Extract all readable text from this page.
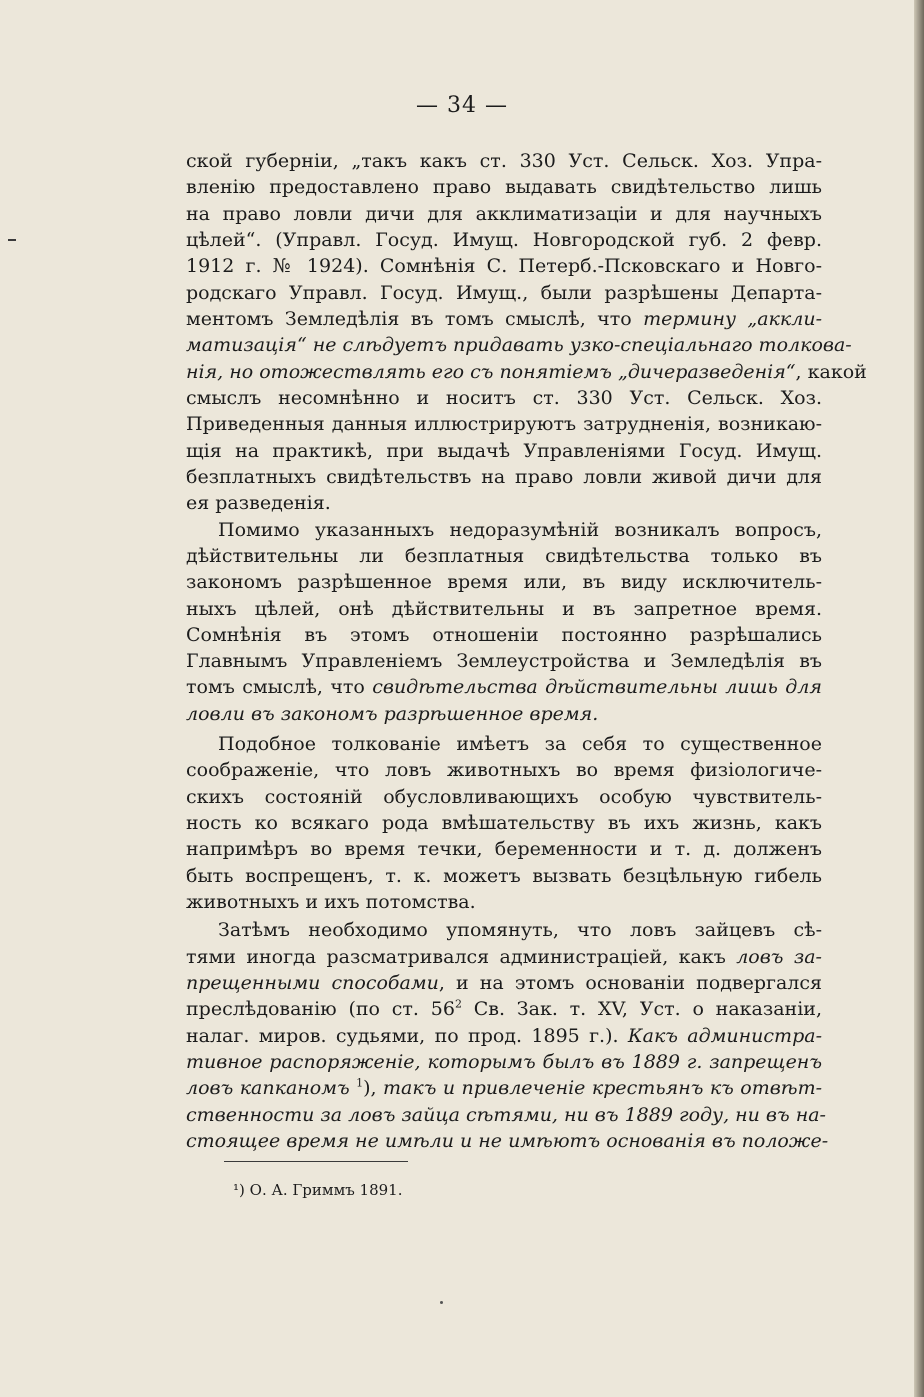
— 34 —
ской губерніи, „такъ какъ ст. 330 Уст. Сельск. Хоз. Упра-
вленію предоставлено право выдавать свидѣтельство лишь
на право ловли дичи для акклиматизаціи и для научныхъ
цѣлей“. (Управл. Госуд. Имущ. Новгородской губ. 2 февр.
1912 г. № 1924). Сомнѣнія С. Петерб.-Псковскаго и Новго-
родскаго Управл. Госуд. Имущ., были разрѣшены Департа-
ментомъ Земледѣлія въ томъ смыслѣ, что термину „аккли-
матизація“ не слѣдуетъ придавать узко-спеціальнаго толкова-
нія, но отожествлять его съ понятіемъ „дичеразведенія“, какой
смыслъ несомнѣнно и носитъ ст. 330 Уст. Сельск. Хоз.
Приведенныя данныя иллюстрируютъ затрудненія, возникаю-
щія на практикѣ, при выдачѣ Управленіями Госуд. Имущ.
безплатныхъ свидѣтельствъ на право ловли живой дичи для
ея разведенія.
Помимо указанныхъ недоразумѣній возникалъ вопросъ,
дѣйствительны ли безплатныя свидѣтельства только въ
закономъ разрѣшенное время или, въ виду исключитель-
ныхъ цѣлей, онѣ дѣйствительны и въ запретное время.
Сомнѣнія въ этомъ отношеніи постоянно разрѣшались
Главнымъ Управленіемъ Землеустройства и Земледѣлія въ
томъ смыслѣ, что свидѣтельства дѣйствительны лишь для
ловли въ закономъ разрѣшенное время.
Подобное толкованіе имѣетъ за себя то существенное
соображеніе, что ловъ животныхъ во время физіологиче-
скихъ состояній обусловливающихъ особую чувствитель-
ность ко всякаго рода вмѣшательству въ ихъ жизнь, какъ
напримѣръ во время течки, беременности и т. д. долженъ
быть воспрещенъ, т. к. можетъ вызвать безцѣльную гибель
животныхъ и ихъ потомства.
Затѣмъ необходимо упомянуть, что ловъ зайцевъ сѣ-
тями иногда разсматривался администраціей, какъ ловъ за-
прещенными способами, и на этомъ основаніи подвергался
преслѣдованію (по ст. $56^2$ Св. Зак. т. XV, Уст. о наказаніи,
налаг. миров. судьями, по прод. 1895 г.). Какъ администра-
тивное распоряженіе, которымъ былъ въ 1889 г. запрещенъ
ловъ капканомъ $^1$), такъ и привлеченіе крестьянъ къ отвѣт-
ственности за ловъ зайца сѣтями, ни въ 1889 году, ни въ на-
стоящее время не имѣли и не имѣютъ основанія въ положе-
¹) О. А. Гриммъ 1891.
